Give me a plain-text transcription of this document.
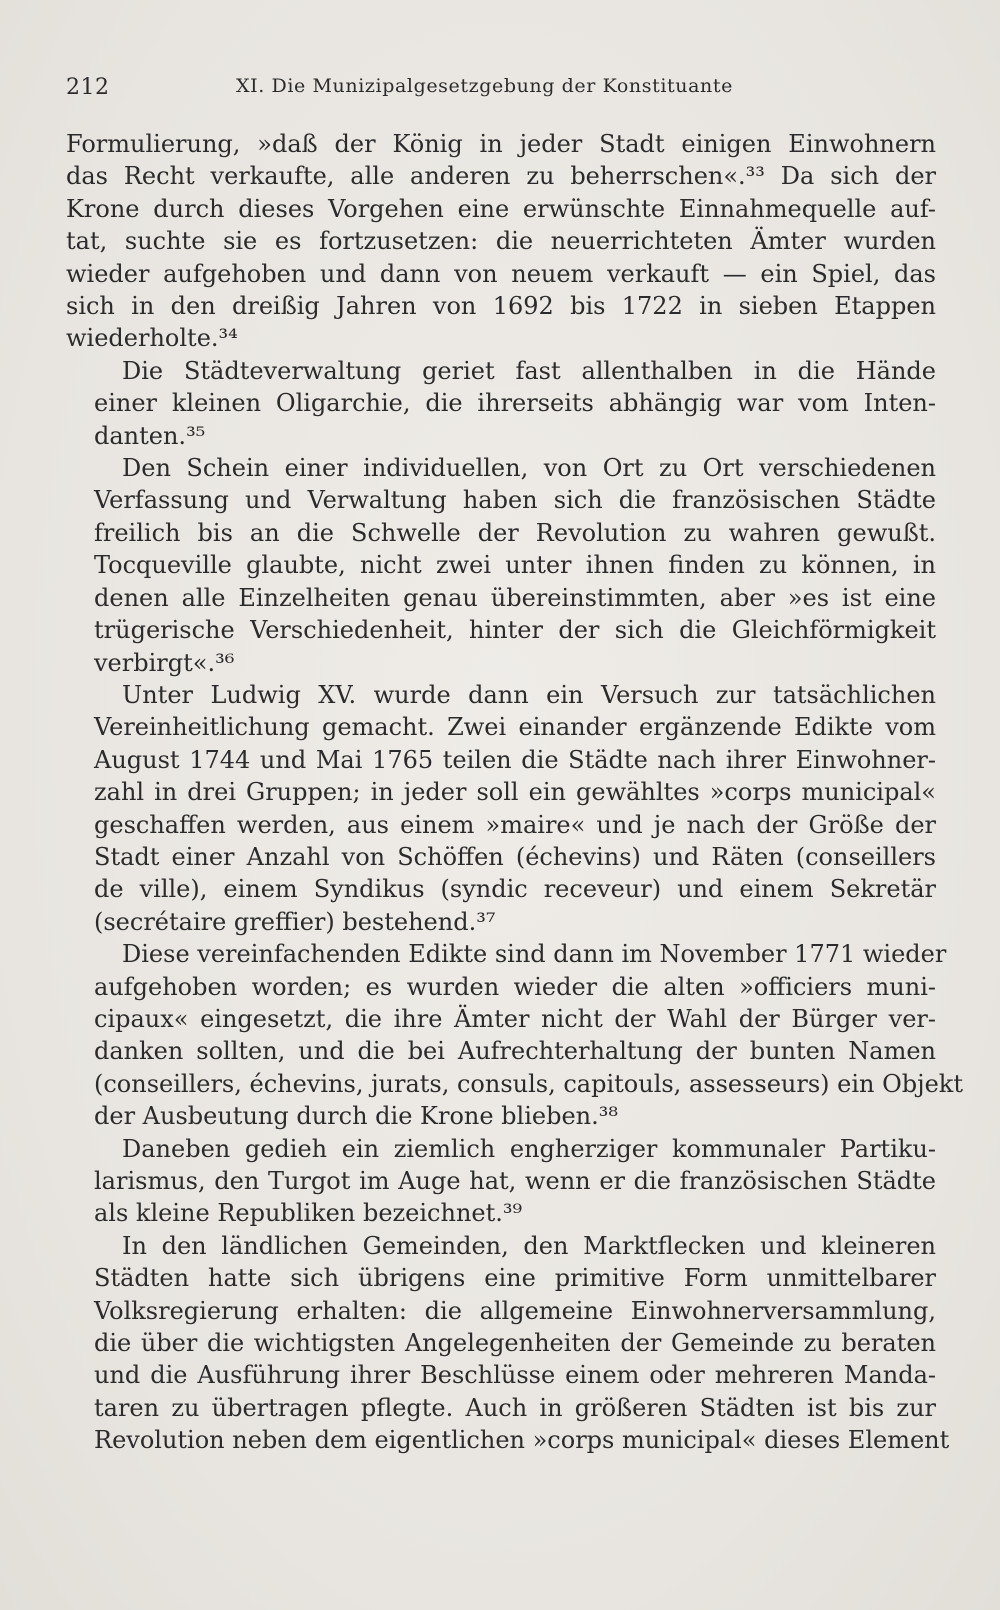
212	XI. Die Munizipalgesetzgebung der Konstituante

Formulierung, »daß der König in jeder Stadt einigen Einwohnern
das Recht verkaufte, alle anderen zu beherrschen«.³³ Da sich der
Krone durch dieses Vorgehen eine erwünschte Einnahmequelle auf-
tat, suchte sie es fortzusetzen: die neuerrichteten Ämter wurden
wieder aufgehoben und dann von neuem verkauft — ein Spiel, das
sich in den dreißig Jahren von 1692 bis 1722 in sieben Etappen
wiederholte.³⁴

Die Städteverwaltung geriet fast allenthalben in die Hände
einer kleinen Oligarchie, die ihrerseits abhängig war vom Inten-
danten.³⁵

Den Schein einer individuellen, von Ort zu Ort verschiedenen
Verfassung und Verwaltung haben sich die französischen Städte
freilich bis an die Schwelle der Revolution zu wahren gewußt.
Tocqueville glaubte, nicht zwei unter ihnen finden zu können, in
denen alle Einzelheiten genau übereinstimmten, aber »es ist eine
trügerische Verschiedenheit, hinter der sich die Gleichförmigkeit
verbirgt«.³⁶

Unter Ludwig XV. wurde dann ein Versuch zur tatsächlichen
Vereinheitlichung gemacht. Zwei einander ergänzende Edikte vom
August 1744 und Mai 1765 teilen die Städte nach ihrer Einwohner-
zahl in drei Gruppen; in jeder soll ein gewähltes »corps municipal«
geschaffen werden, aus einem »maire« und je nach der Größe der
Stadt einer Anzahl von Schöffen (échevins) und Räten (conseillers
de ville), einem Syndikus (syndic receveur) und einem Sekretär
(secrétaire greffier) bestehend.³⁷

Diese vereinfachenden Edikte sind dann im November 1771 wieder
aufgehoben worden; es wurden wieder die alten »officiers muni-
cipaux« eingesetzt, die ihre Ämter nicht der Wahl der Bürger ver-
danken sollten, und die bei Aufrechterhaltung der bunten Namen
(conseillers, échevins, jurats, consuls, capitouls, assesseurs) ein Objekt
der Ausbeutung durch die Krone blieben.³⁸

Daneben gedieh ein ziemlich engherziger kommunaler Partiku-
larismus, den Turgot im Auge hat, wenn er die französischen Städte
als kleine Republiken bezeichnet.³⁹

In den ländlichen Gemeinden, den Marktflecken und kleineren
Städten hatte sich übrigens eine primitive Form unmittelbarer
Volksregierung erhalten: die allgemeine Einwohnerversammlung,
die über die wichtigsten Angelegenheiten der Gemeinde zu beraten
und die Ausführung ihrer Beschlüsse einem oder mehreren Manda-
taren zu übertragen pflegte. Auch in größeren Städten ist bis zur
Revolution neben dem eigentlichen »corps municipal« dieses Element
